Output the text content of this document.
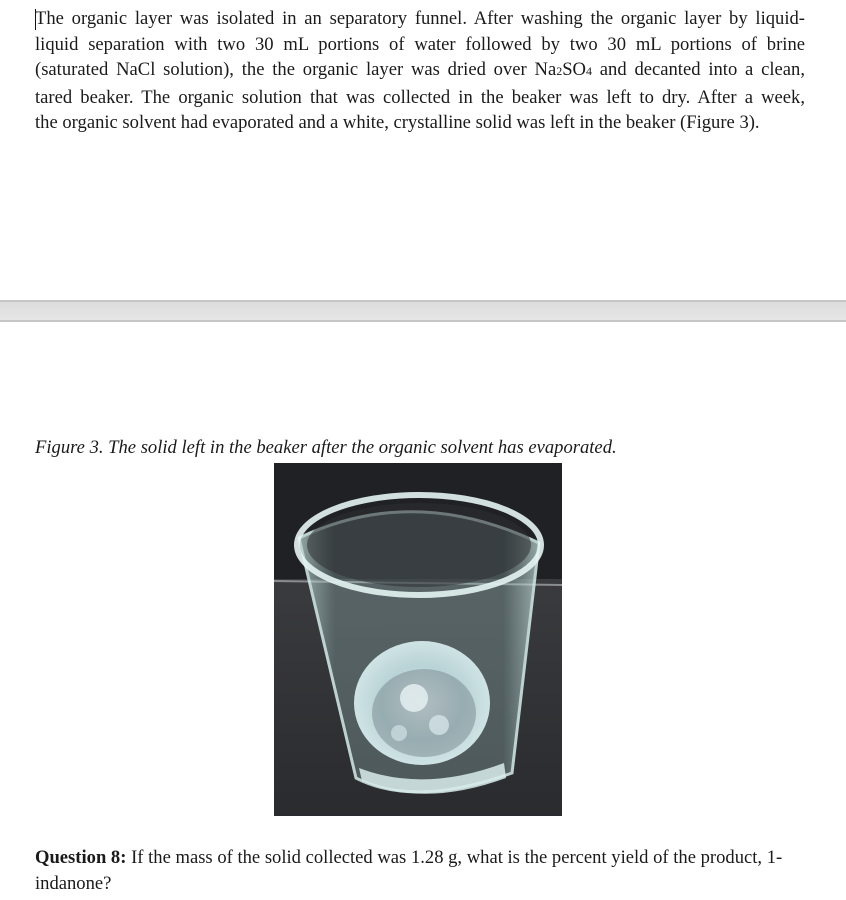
The organic layer was isolated in an separatory funnel. After washing the organic layer by liquid-
liquid separation with two 30 mL portions of water followed by two 30 mL portions of brine
(saturated NaCl solution), the the organic layer was dried over Na2SO4 and decanted into a clean,
tared beaker. The organic solution that was collected in the beaker was left to dry. After a week,
the organic solvent had evaporated and a white, crystalline solid was left in the beaker (Figure 3).

Figure 3. The solid left in the beaker after the organic solvent has evaporated.

Question 8: If the mass of the solid collected was 1.28 g, what is the percent yield of the product, 1-indanone?
